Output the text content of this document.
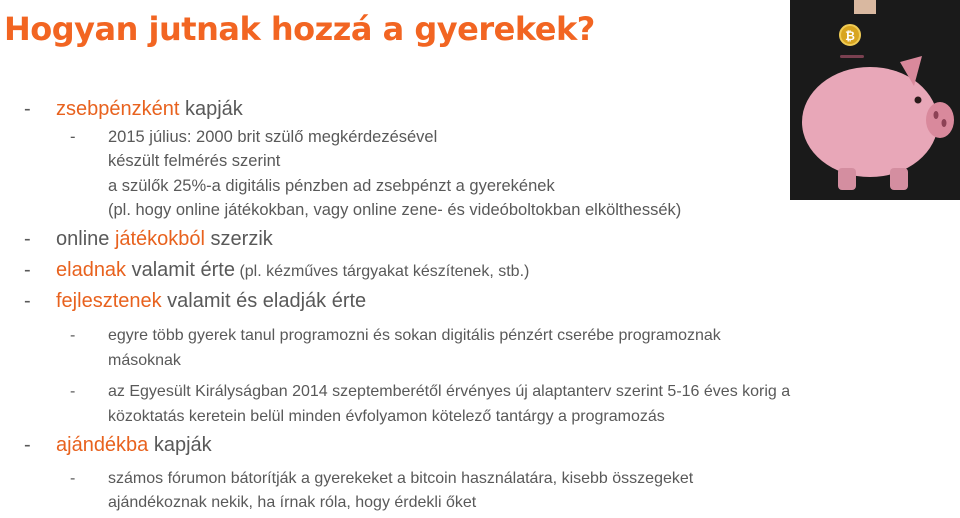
Hogyan jutnak hozzá a gyerekek?
- zsebpénzként kapják
- 2015 július: 2000 brit szülő megkérdezésével
készült felmérés szerint
a szülők 25%-a digitális pénzben ad zsebpénzt a gyerekének
(pl. hogy online játékokban, vagy online zene- és videóboltokban elkölthessék)
- online játékokból szerzik
- eladnak valamit érte (pl. kézműves tárgyakat készítenek, stb.)
- fejlesztenek valamit és eladják érte
- egyre több gyerek tanul programozni és sokan digitális pénzért cserébe programoznak
másoknak
- az Egyesült Királyságban 2014 szeptemberétől érvényes új alaptanterv szerint 5-16 éves korig a
közoktatás keretein belül minden évfolyamon kötelező tantárgy a programozás
- ajándékba kapják
- számos fórumon bátorítják a gyerekeket a bitcoin használatára, kisebb összegeket
ajándékoznak nekik, ha írnak róla, hogy érdekli őket
₿
